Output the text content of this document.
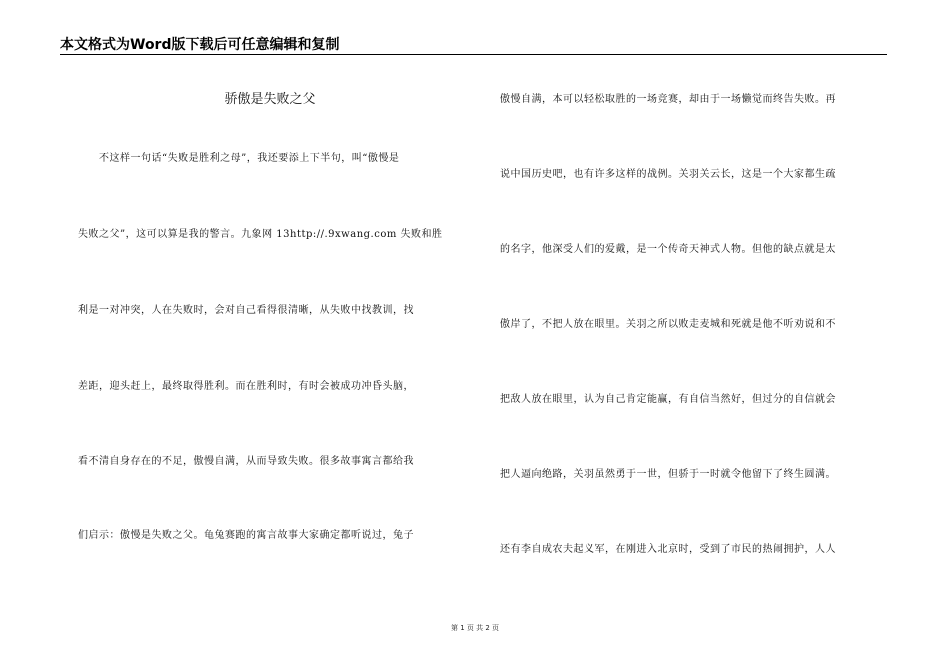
本文格式为Word版下载后可任意编辑和复制
骄傲是失败之父
　　不这样一句话“失败是胜利之母”，我还要添上下半句，叫“傲慢是
失败之父”，这可以算是我的警言。九象网 13http://.9xwang.com 失败和胜
利是一对冲突，人在失败时，会对自己看得很清晰，从失败中找教训，找
差距，迎头赶上，最终取得胜利。而在胜利时，有时会被成功冲昏头脑，
看不清自身存在的不足，傲慢自满，从而导致失败。很多故事寓言都给我
们启示：傲慢是失败之父。龟兔赛跑的寓言故事大家确定都听说过，兔子
傲慢自满，本可以轻松取胜的一场竞赛，却由于一场懒觉而终告失败。再
说中国历史吧，也有许多这样的战例。关羽关云长，这是一个大家都生疏
的名字，他深受人们的爱戴，是一个传奇天神式人物。但他的缺点就是太
傲岸了，不把人放在眼里。关羽之所以败走麦城和死就是他不听劝说和不
把敌人放在眼里，认为自己肯定能赢，有自信当然好，但过分的自信就会
把人逼向绝路，关羽虽然勇于一世，但骄于一时就令他留下了终生圆满。
还有李自成农夫起义军，在刚进入北京时，受到了市民的热闹拥护，人人
第 1 页 共 2 页
